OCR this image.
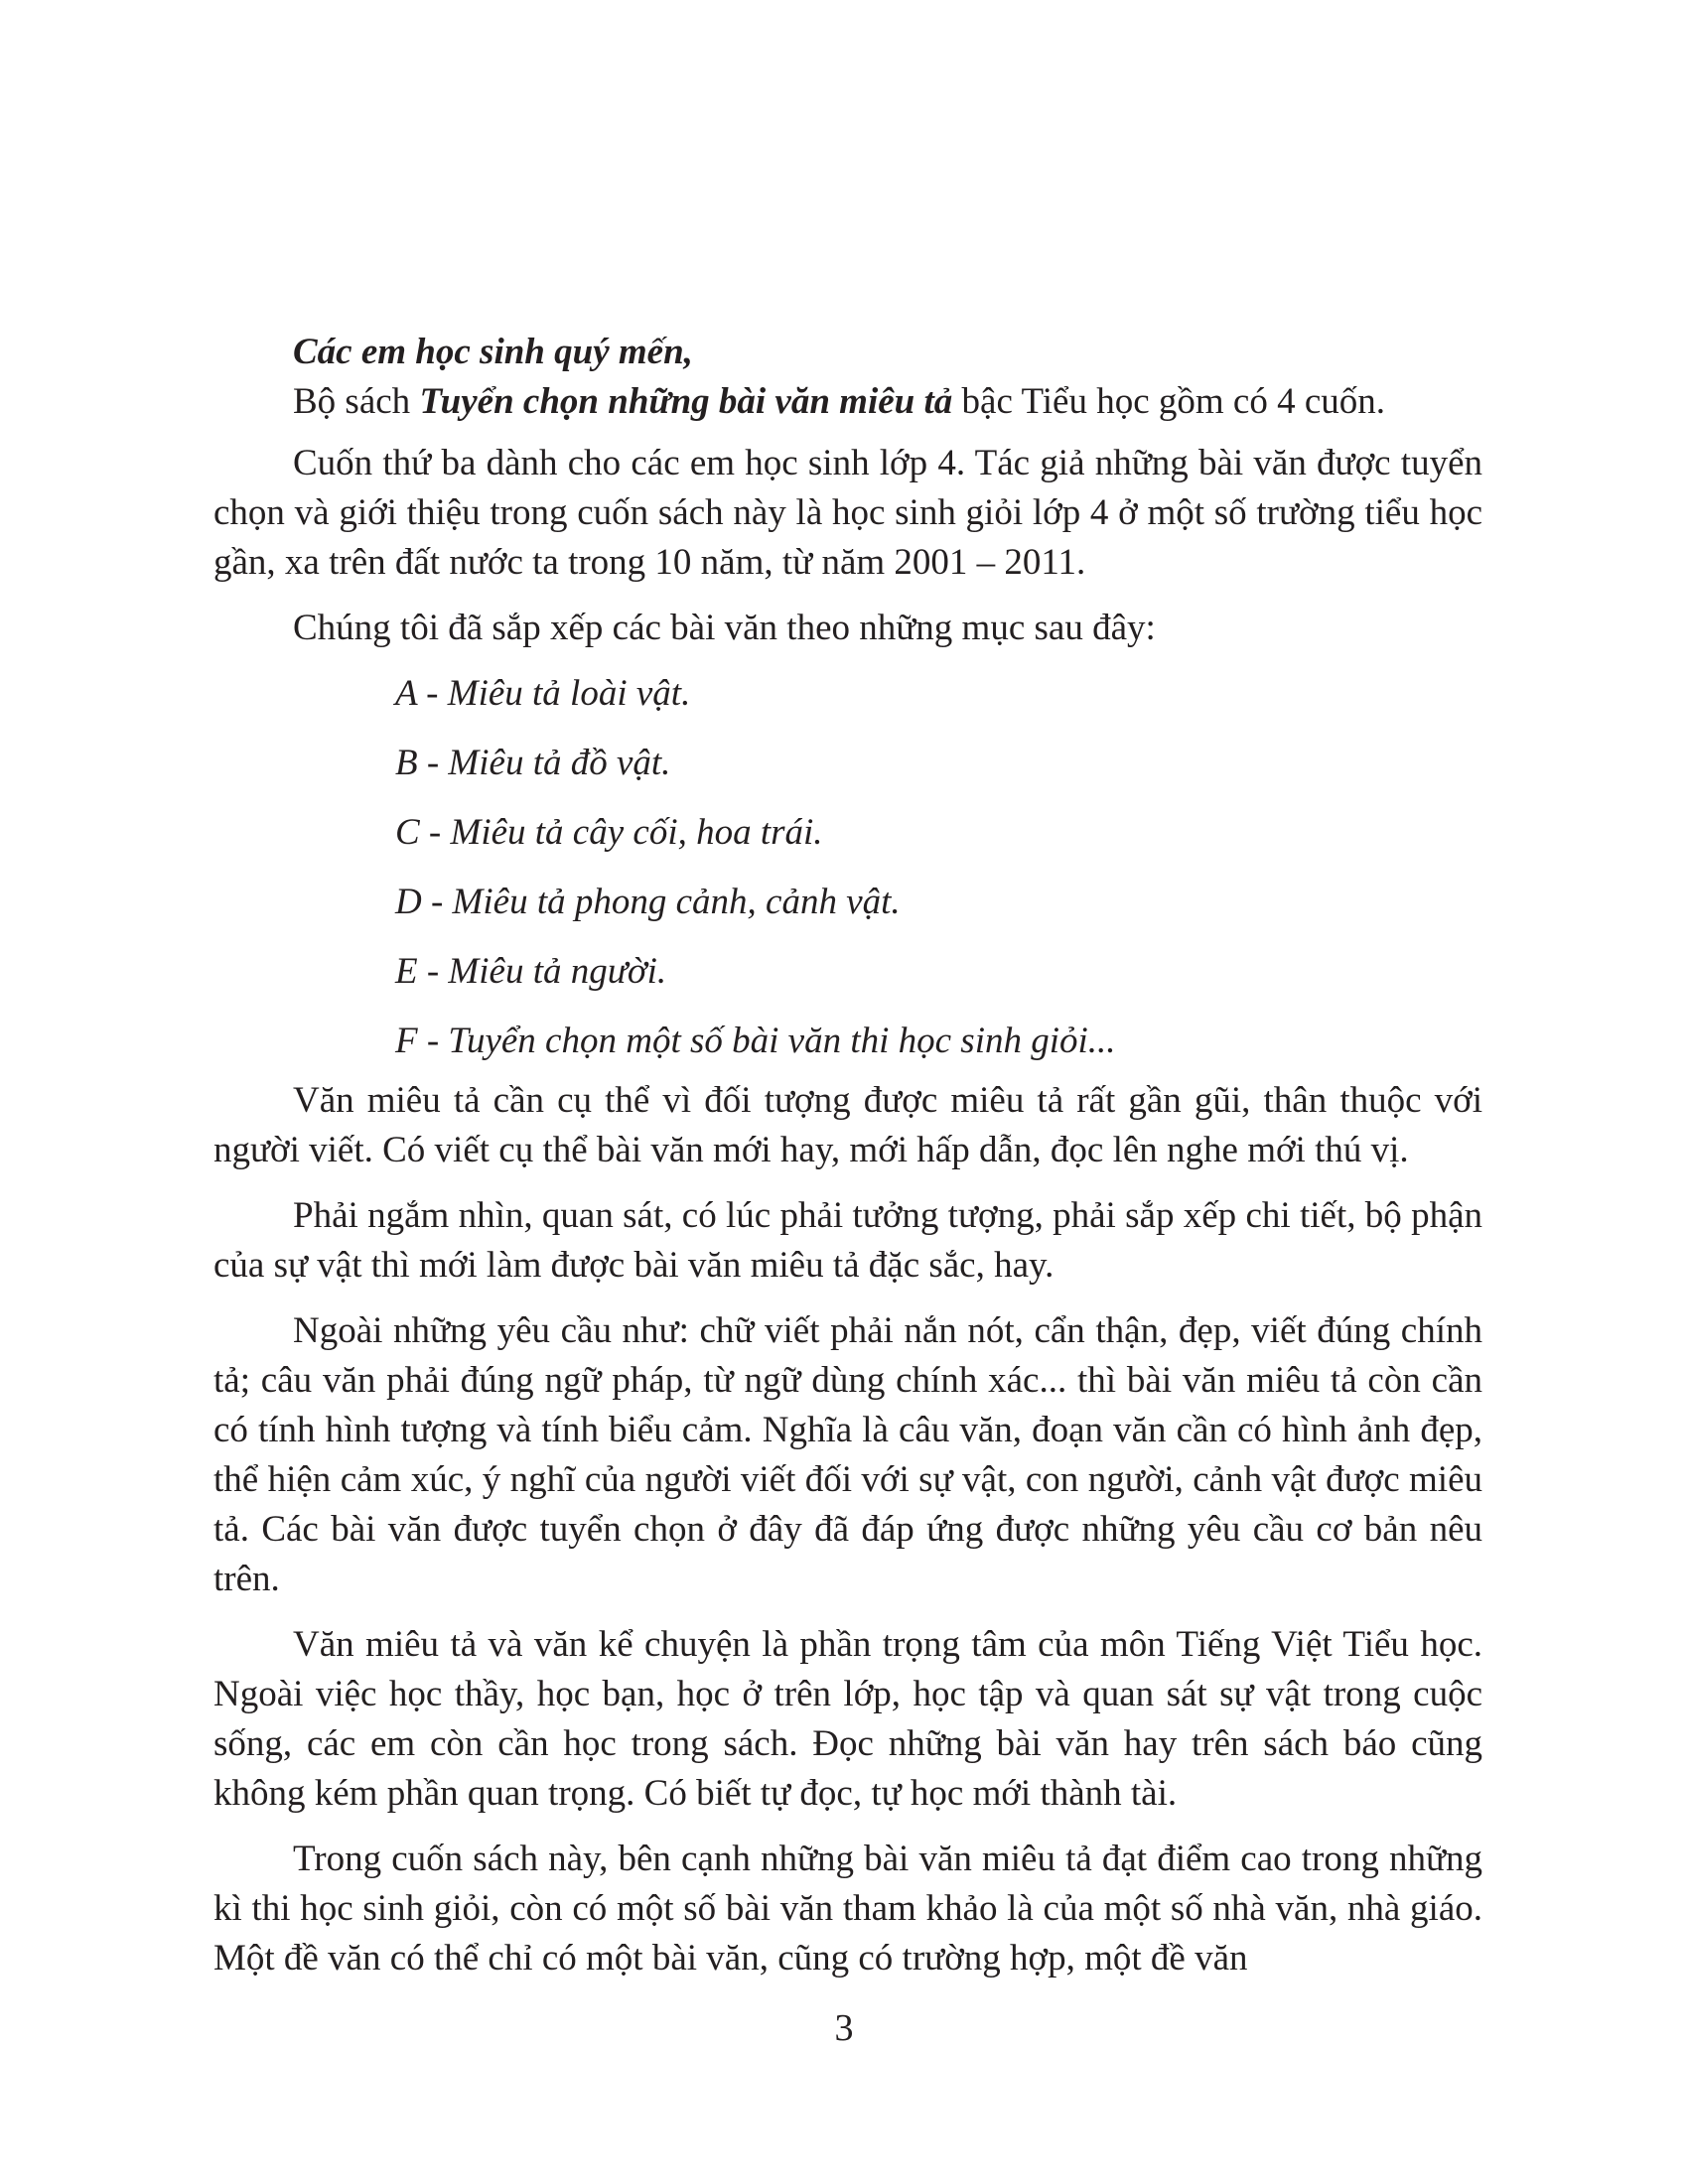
Các em học sinh quý mến,

Bộ sách Tuyển chọn những bài văn miêu tả bậc Tiểu học gồm có 4 cuốn.

Cuốn thứ ba dành cho các em học sinh lớp 4. Tác giả những bài văn được tuyển chọn và giới thiệu trong cuốn sách này là học sinh giỏi lớp 4 ở một số trường tiểu học gần, xa trên đất nước ta trong 10 năm, từ năm 2001 – 2011.

Chúng tôi đã sắp xếp các bài văn theo những mục sau đây:

A - Miêu tả loài vật.
B - Miêu tả đồ vật.
C - Miêu tả cây cối, hoa trái.
D - Miêu tả phong cảnh, cảnh vật.
E - Miêu tả người.
F - Tuyển chọn một số bài văn thi học sinh giỏi...

Văn miêu tả cần cụ thể vì đối tượng được miêu tả rất gần gũi, thân thuộc với người viết. Có viết cụ thể bài văn mới hay, mới hấp dẫn, đọc lên nghe mới thú vị.

Phải ngắm nhìn, quan sát, có lúc phải tưởng tượng, phải sắp xếp chi tiết, bộ phận của sự vật thì mới làm được bài văn miêu tả đặc sắc, hay.

Ngoài những yêu cầu như: chữ viết phải nắn nót, cẩn thận, đẹp, viết đúng chính tả; câu văn phải đúng ngữ pháp, từ ngữ dùng chính xác... thì bài văn miêu tả còn cần có tính hình tượng và tính biểu cảm. Nghĩa là câu văn, đoạn văn cần có hình ảnh đẹp, thể hiện cảm xúc, ý nghĩ của người viết đối với sự vật, con người, cảnh vật được miêu tả. Các bài văn được tuyển chọn ở đây đã đáp ứng được những yêu cầu cơ bản nêu trên.

Văn miêu tả và văn kể chuyện là phần trọng tâm của môn Tiếng Việt Tiểu học. Ngoài việc học thầy, học bạn, học ở trên lớp, học tập và quan sát sự vật trong cuộc sống, các em còn cần học trong sách. Đọc những bài văn hay trên sách báo cũng không kém phần quan trọng. Có biết tự đọc, tự học mới thành tài.

Trong cuốn sách này, bên cạnh những bài văn miêu tả đạt điểm cao trong những kì thi học sinh giỏi, còn có một số bài văn tham khảo là của một số nhà văn, nhà giáo. Một đề văn có thể chỉ có một bài văn, cũng có trường hợp, một đề văn

3
